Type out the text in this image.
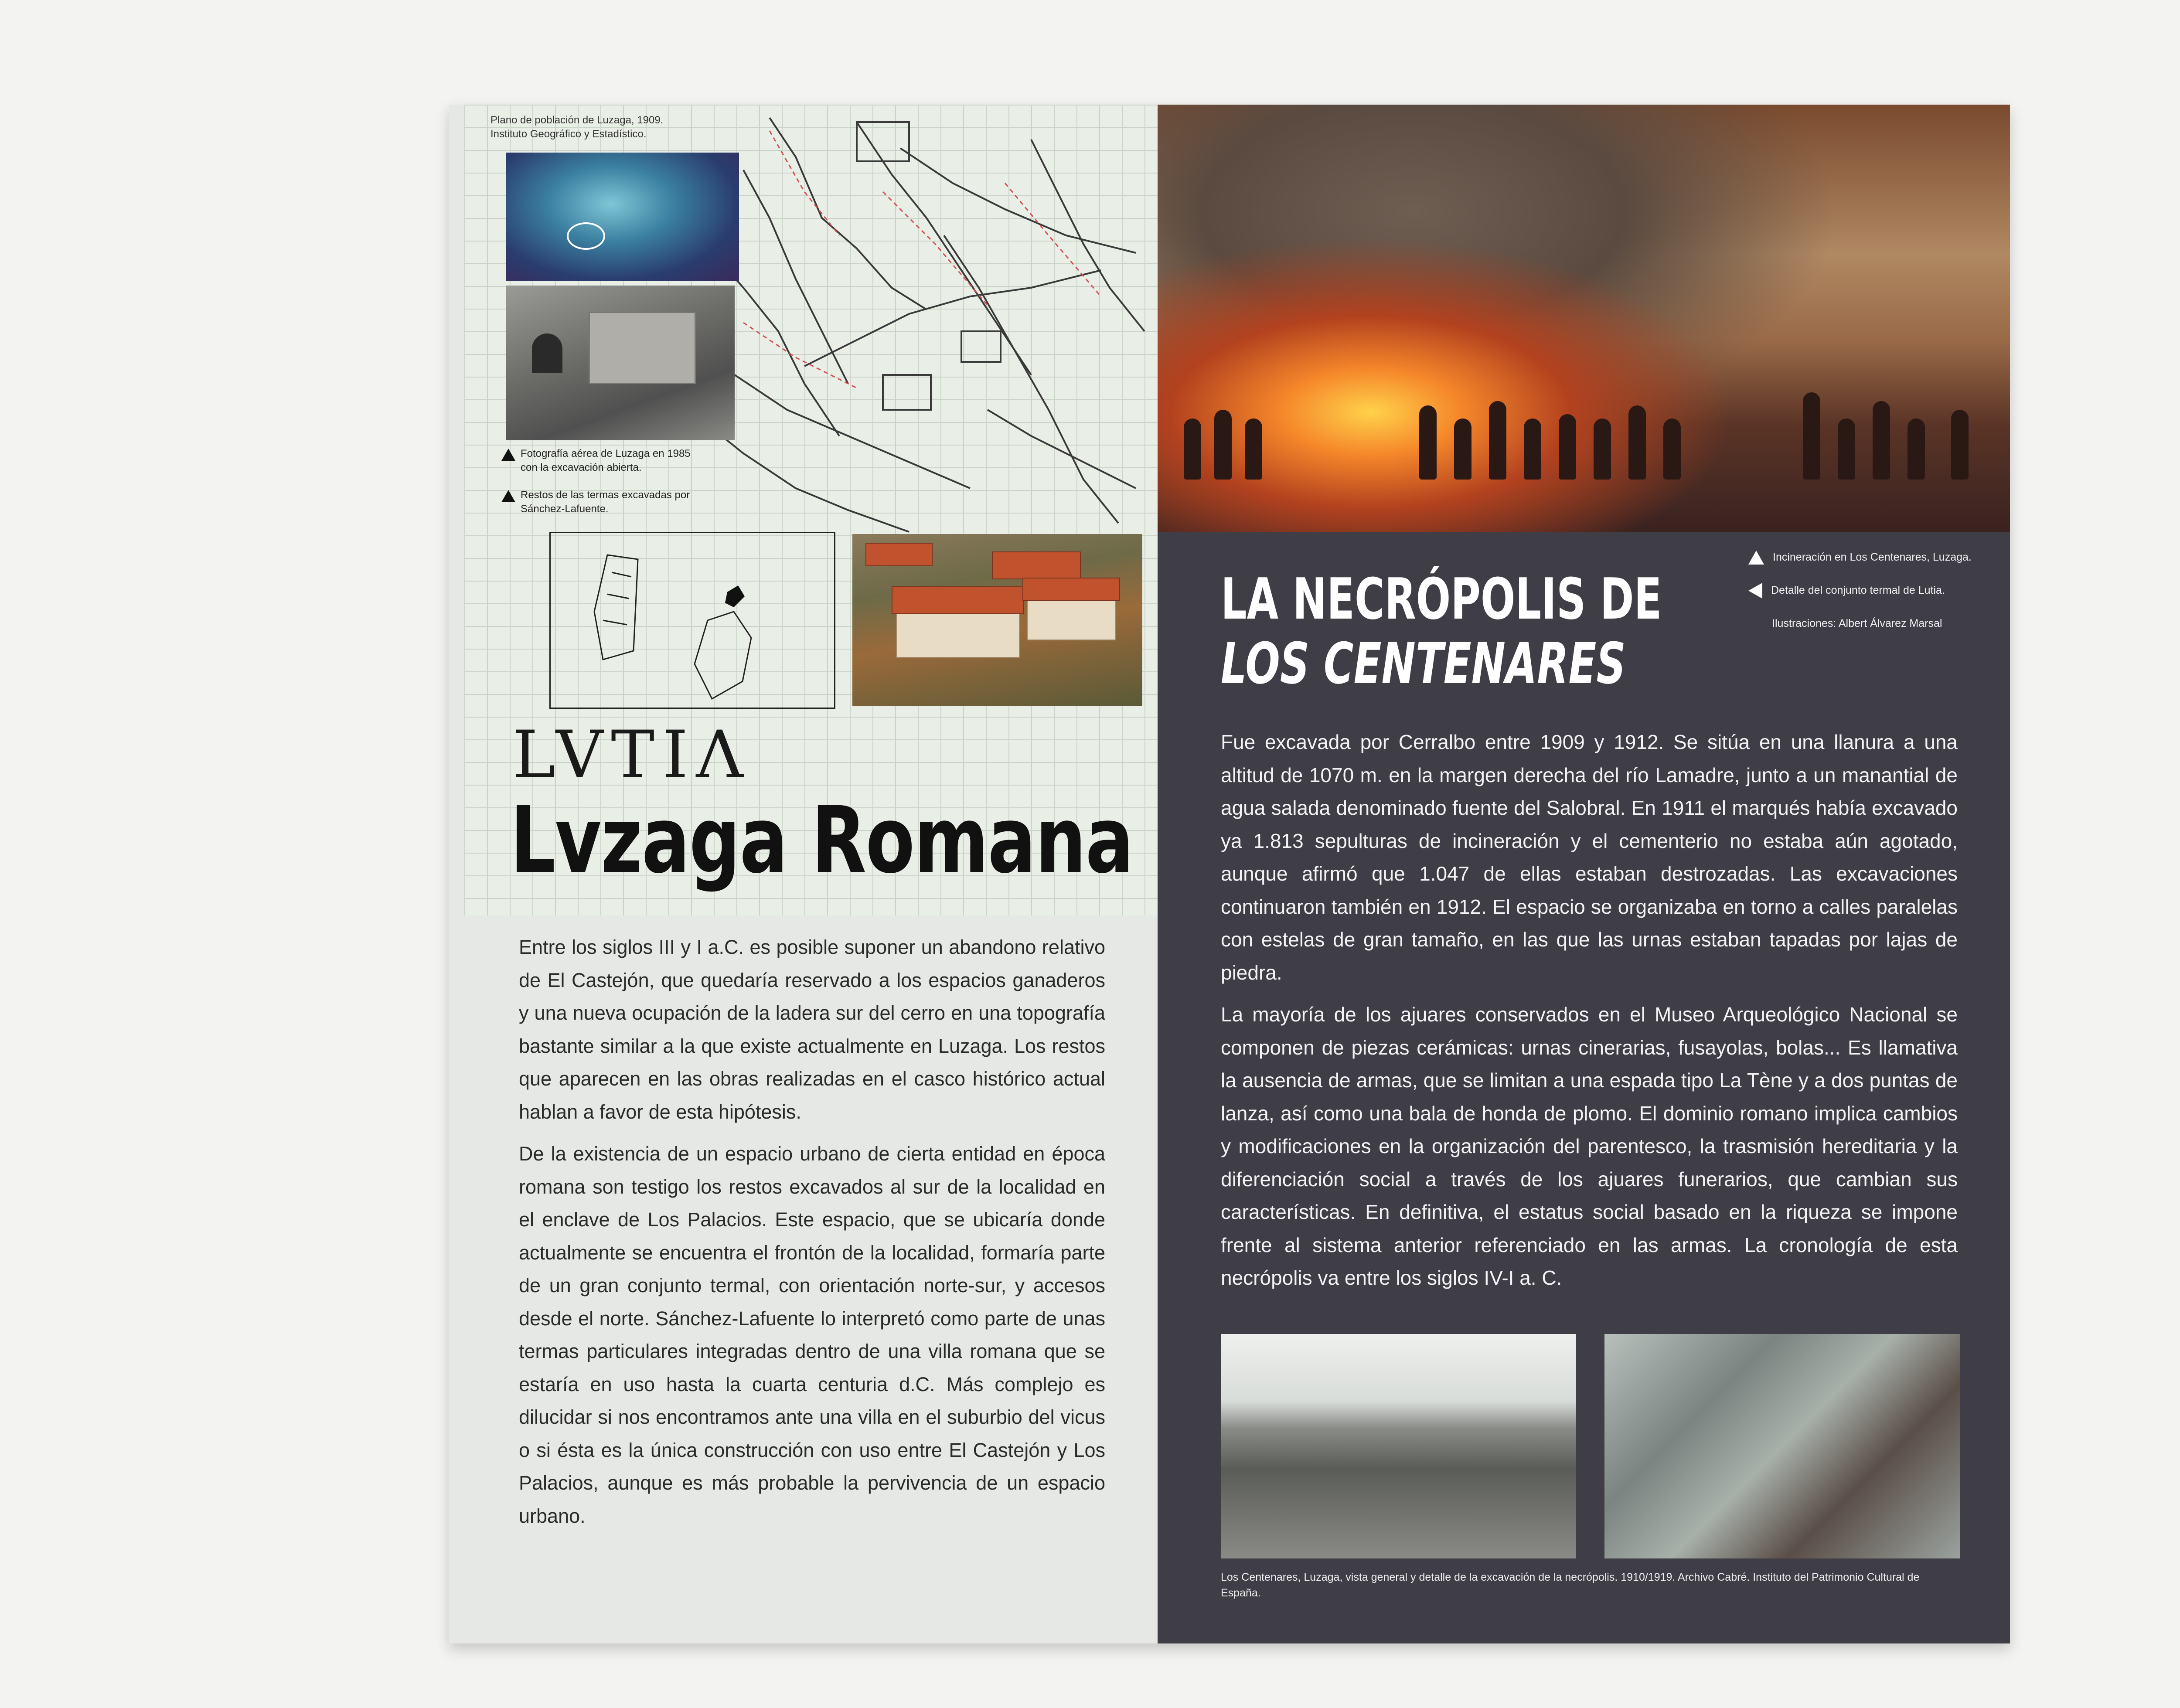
Plano de población de Luzaga, 1909.
Instituto Geográfico y Estadístico.
Fotografía aérea de Luzaga en 1985 con la excavación abierta.
Restos de las termas excavadas por Sánchez-Lafuente.
LVTIΛ
Lvzaga Romana

Entre los siglos III y I a.C. es posible suponer un abandono relativo de El Castejón, que quedaría reservado a los espacios ganaderos y una nueva ocupación de la ladera sur del cerro en una topografía bastante similar a la que existe actualmente en Luzaga. Los restos que aparecen en las obras realizadas en el casco histórico actual hablan a favor de esta hipótesis.

De la existencia de un espacio urbano de cierta entidad en época romana son testigo los restos excavados al sur de la localidad en el enclave de Los Palacios. Este espacio, que se ubicaría donde actualmente se encuentra el frontón de la localidad, formaría parte de un gran conjunto termal, con orientación norte-sur, y accesos desde el norte. Sánchez-Lafuente lo interpretó como parte de unas termas particulares integradas dentro de una villa romana que se estaría en uso hasta la cuarta centuria d.C. Más complejo es dilucidar si nos encontramos ante una villa en el suburbio del vicus o si ésta es la única construcción con uso entre El Castejón y Los Palacios, aunque es más probable la pervivencia de un espacio urbano.

Incineración en Los Centenares, Luzaga.
Detalle del conjunto termal de Lutia.
Ilustraciones: Albert Álvarez Marsal
LA NECRÓPOLIS DE
LOS CENTENARES

Fue excavada por Cerralbo entre 1909 y 1912. Se sitúa en una llanura a una altitud de 1070 m. en la margen derecha del río Lamadre, junto a un manantial de agua salada denominado fuente del Salobral. En 1911 el marqués había excavado ya 1.813 sepulturas de incineración y el cementerio no estaba aún agotado, aunque afirmó que 1.047 de ellas estaban destrozadas. Las excavaciones continuaron también en 1912. El espacio se organizaba en torno a calles paralelas con estelas de gran tamaño, en las que las urnas estaban tapadas por lajas de piedra.

La mayoría de los ajuares conservados en el Museo Arqueológico Nacional se componen de piezas cerámicas: urnas cinerarias, fusayolas, bolas... Es llamativa la ausencia de armas, que se limitan a una espada tipo La Tène y a dos puntas de lanza, así como una bala de honda de plomo. El dominio romano implica cambios y modificaciones en la organización del parentesco, la trasmisión hereditaria y la diferenciación social a través de los ajuares funerarios, que cambian sus características. En definitiva, el estatus social basado en la riqueza se impone frente al sistema anterior referenciado en las armas. La cronología de esta necrópolis va entre los siglos IV-I a. C.

Los Centenares, Luzaga, vista general y detalle de la excavación de la necrópolis. 1910/1919. Archivo Cabré. Instituto del Patrimonio Cultural de España.
